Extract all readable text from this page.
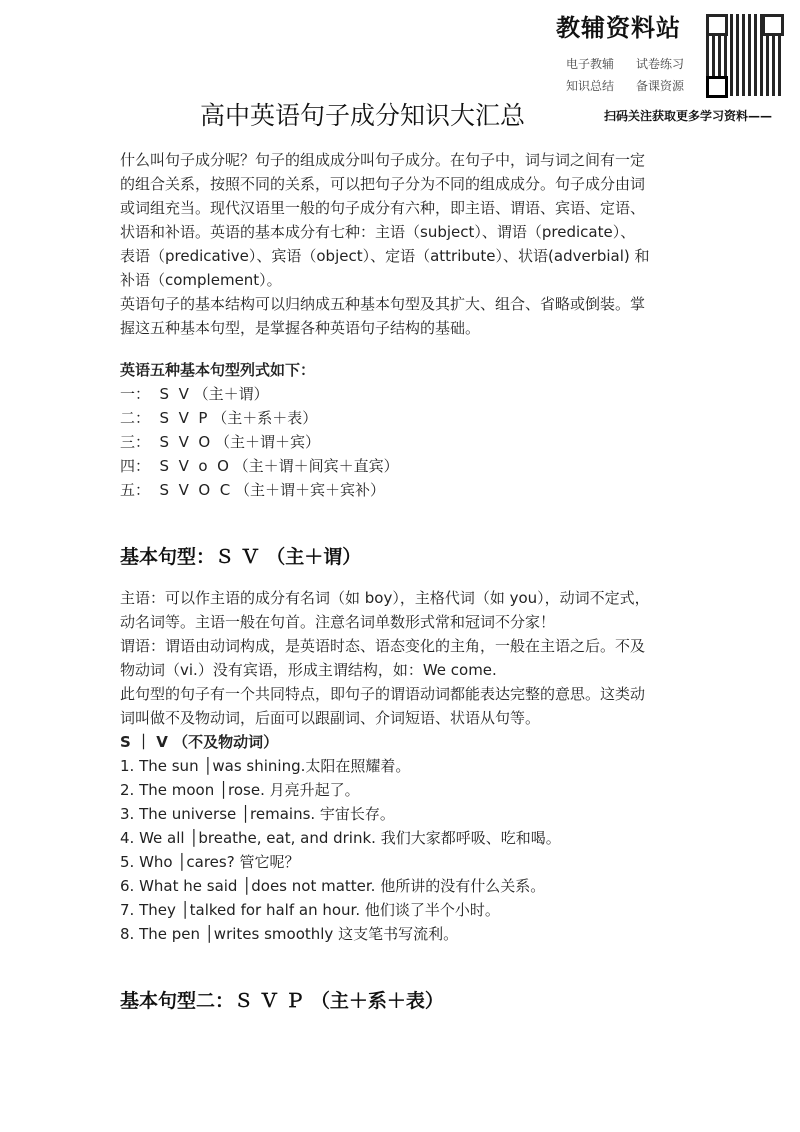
教辅资料站
电子教辅 试卷练习
知识总结 备课资源
高中英语句子成分知识大汇总	扫码关注获取更多学习资料——
什么叫句子成分呢？句子的组成成分叫句子成分。在句子中，词与词之间有一定
的组合关系，按照不同的关系，可以把句子分为不同的组成成分。句子成分由词
或词组充当。现代汉语里一般的句子成分有六种，即主语、谓语、宾语、定语、
状语和补语。英语的基本成分有七种：主语（subject）、谓语（predicate）、
表语（predicative）、宾语（object）、定语（attribute）、状语(adverbial) 和
补语（complement）。
英语句子的基本结构可以归纳成五种基本句型及其扩大、组合、省略或倒装。掌
握这五种基本句型，是掌握各种英语句子结构的基础。
英语五种基本句型列式如下：
一：  S  V （主＋谓）
二：  S  V  P （主＋系＋表）
三：  S  V  O （主＋谓＋宾）
四：  S  V  o  O （主＋谓＋间宾＋直宾）
五：  S  V  O  C （主＋谓＋宾＋宾补）
基本句型：Ｓ Ｖ （主＋谓）
主语：可以作主语的成分有名词（如 boy），主格代词（如 you），动词不定式，
动名词等。主语一般在句首。注意名词单数形式常和冠词不分家！
谓语：谓语由动词构成，是英语时态、语态变化的主角，一般在主语之后。不及
物动词（vi.）没有宾语，形成主谓结构，如：We come.
此句型的句子有一个共同特点，即句子的谓语动词都能表达完整的意思。这类动
词叫做不及物动词，后面可以跟副词、介词短语、状语从句等。
S ｜ V （不及物动词）
1. The sun │was shining.太阳在照耀着。
2. The moon │rose. 月亮升起了。
3. The universe │remains. 宇宙长存。
4. We all │breathe, eat, and drink. 我们大家都呼吸、吃和喝。
5. Who │cares? 管它呢？
6. What he said │does not matter. 他所讲的没有什么关系。
7. They │talked for half an hour. 他们谈了半个小时。
8. The pen │writes smoothly 这支笔书写流利。
基本句型二：Ｓ Ｖ Ｐ （主＋系＋表）
